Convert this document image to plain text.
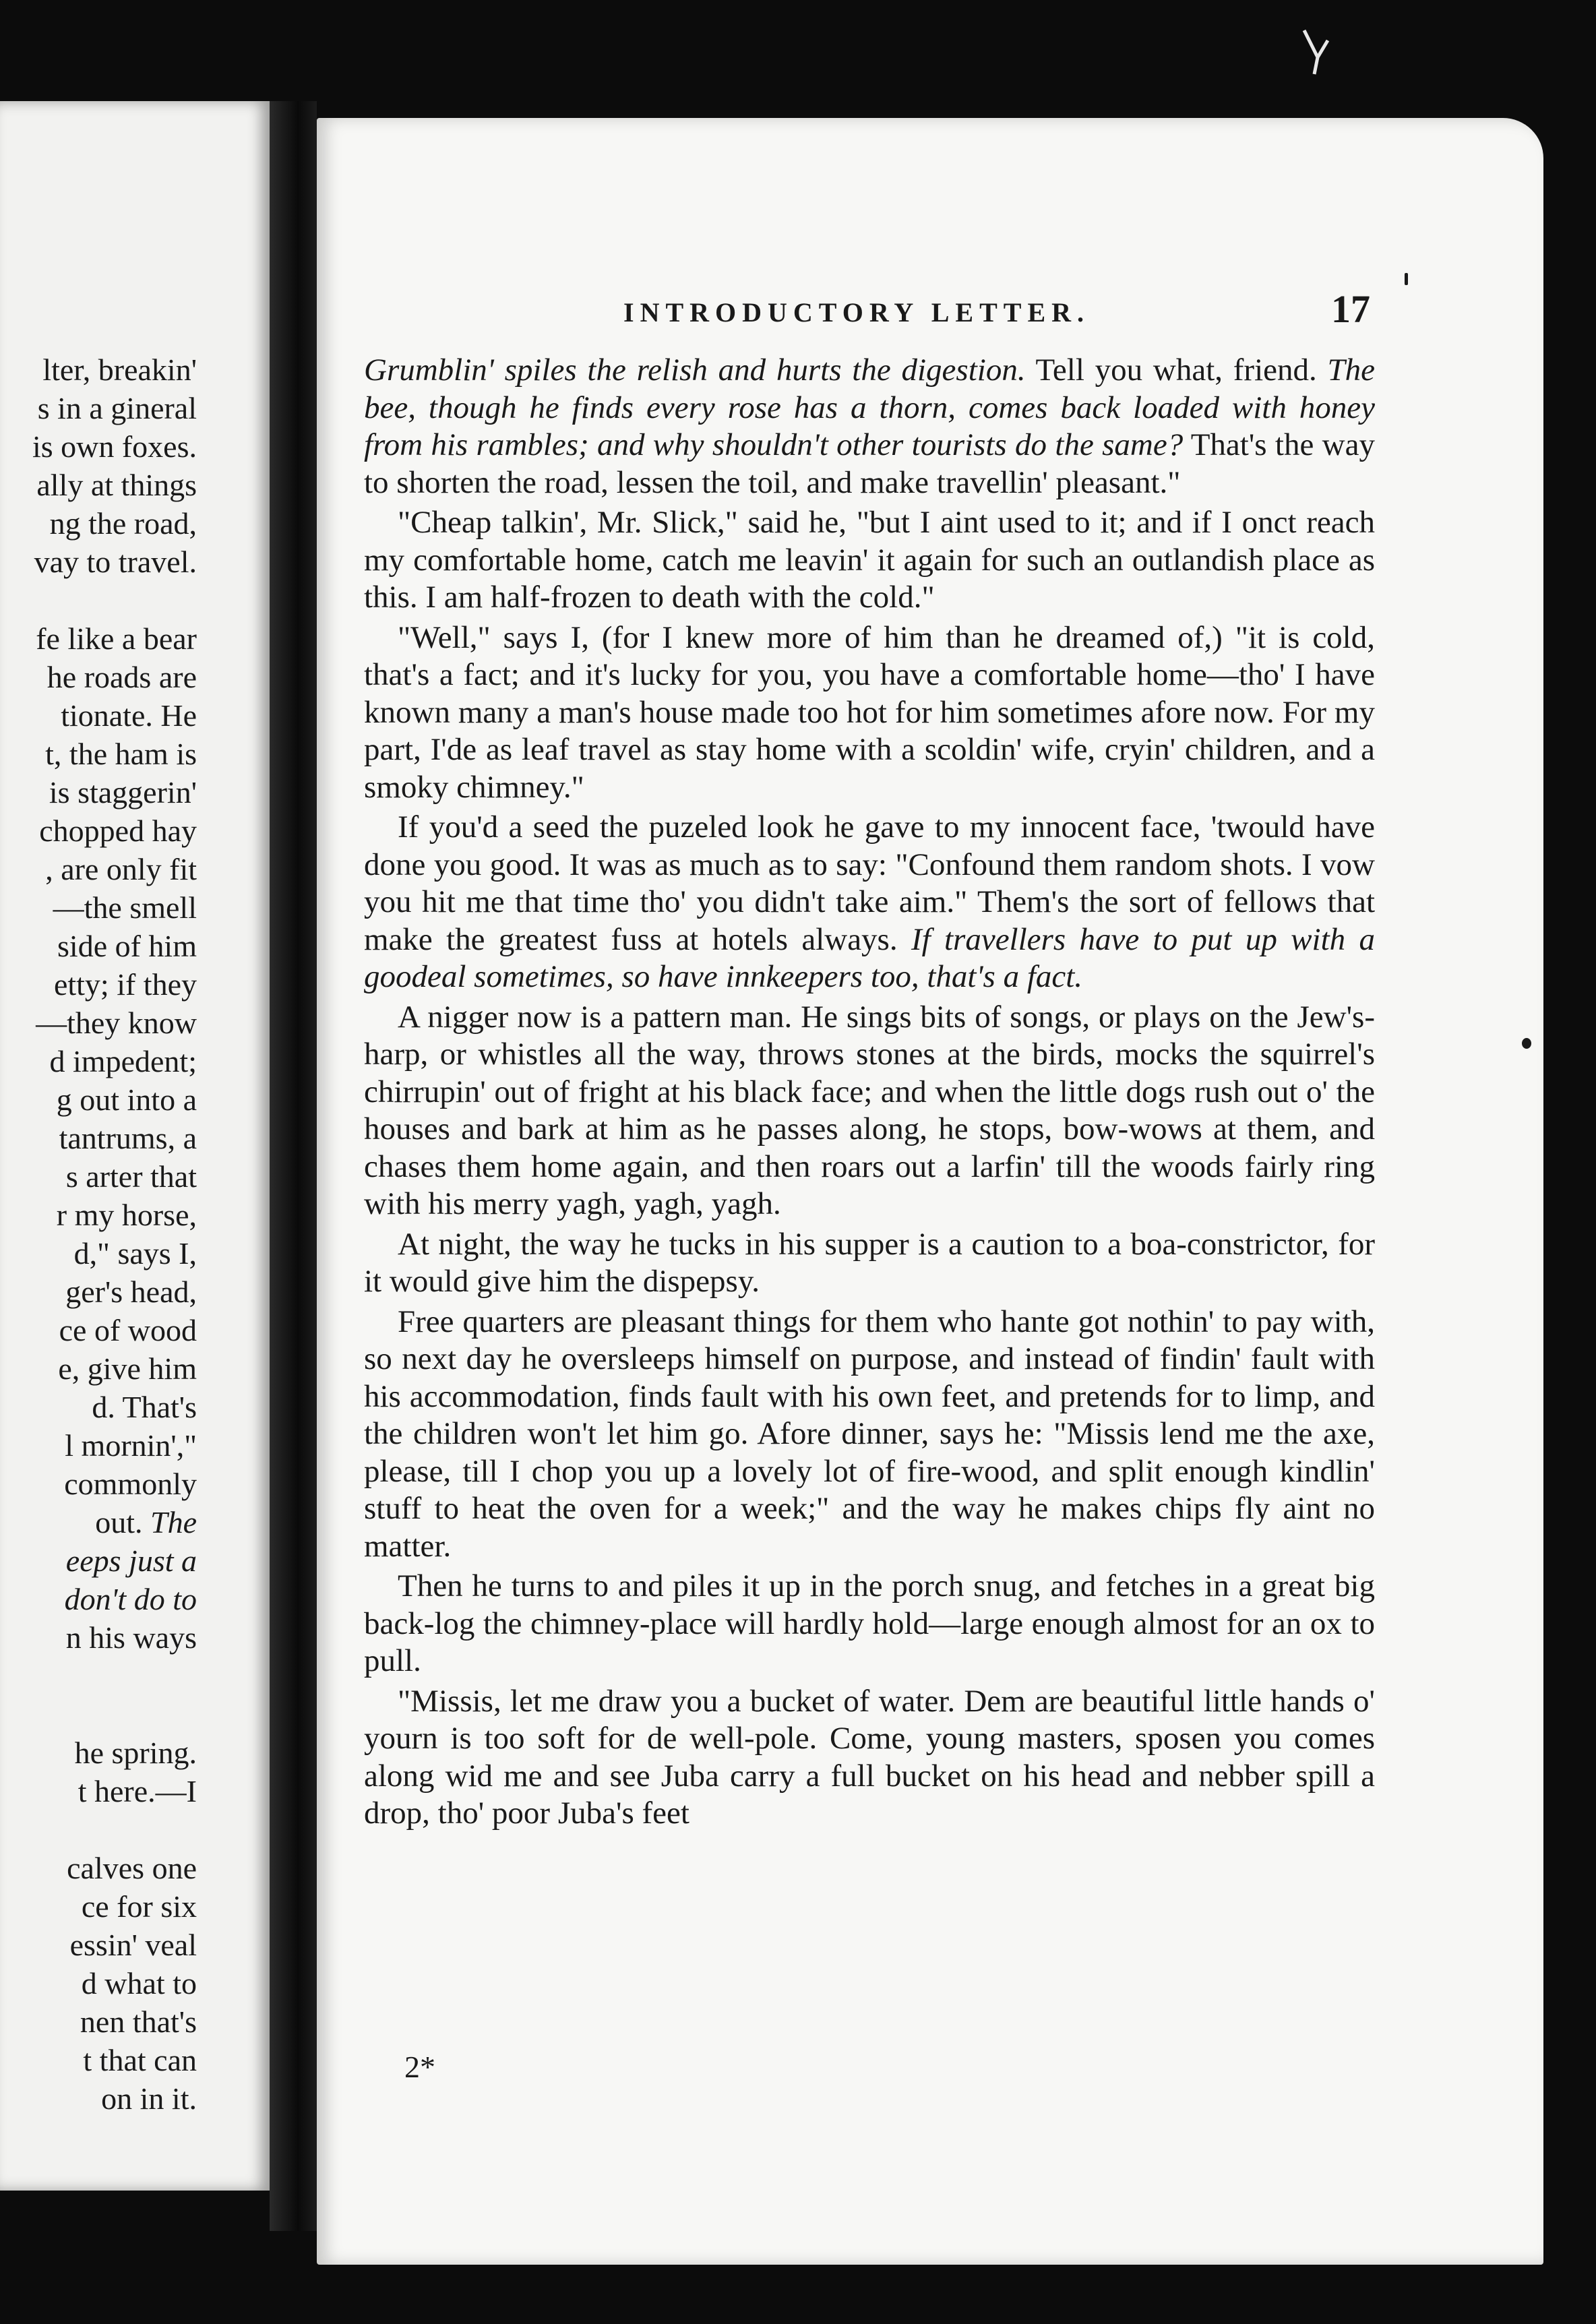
lter, breakin'
s in a gineral
is own foxes.
ally at things
ng the road,
vay to travel.
fe like a bear
he roads are
tionate. He
t, the ham is
is staggerin'
chopped hay
, are only fit
—the smell
side of him
etty; if they
—they know
d impedent;
g out into a
tantrums, a
s arter that
r my horse,
d," says I,
ger's head,
ce of wood
e, give him
d. That's
l mornin',"
commonly
out. The
eeps just a
don't do to
n his ways
he spring.
t here.—I
calves one
ce for six
essin' veal
d what to
nen that's
t that can
on in it.
INTRODUCTORY LETTER.	17

Grumblin' spiles the relish and hurts the digestion. Tell you what, friend. The bee, though he finds every rose has a thorn, comes back loaded with honey from his rambles; and why shouldn't other tourists do the same? That's the way to shorten the road, lessen the toil, and make travellin' pleasant."

"Cheap talkin', Mr. Slick," said he, "but I aint used to it; and if I onct reach my comfortable home, catch me leavin' it again for such an outlandish place as this. I am half-frozen to death with the cold."

"Well," says I, (for I knew more of him than he dreamed of,) "it is cold, that's a fact; and it's lucky for you, you have a comfortable home—tho' I have known many a man's house made too hot for him sometimes afore now. For my part, I'de as leaf travel as stay home with a scoldin' wife, cryin' children, and a smoky chimney."

If you'd a seed the puzeled look he gave to my innocent face, 'twould have done you good. It was as much as to say: "Confound them random shots. I vow you hit me that time tho' you didn't take aim." Them's the sort of fellows that make the greatest fuss at hotels always. If travellers have to put up with a goodeal sometimes, so have innkeepers too, that's a fact.

A nigger now is a pattern man. He sings bits of songs, or plays on the Jew's-harp, or whistles all the way, throws stones at the birds, mocks the squirrel's chirrupin' out of fright at his black face; and when the little dogs rush out o' the houses and bark at him as he passes along, he stops, bow-wows at them, and chases them home again, and then roars out a larfin' till the woods fairly ring with his merry yagh, yagh, yagh.

At night, the way he tucks in his supper is a caution to a boa-constrictor, for it would give him the dispepsy.

Free quarters are pleasant things for them who hante got nothin' to pay with, so next day he oversleeps himself on purpose, and instead of findin' fault with his accommodation, finds fault with his own feet, and pretends for to limp, and the children won't let him go. Afore dinner, says he: "Missis lend me the axe, please, till I chop you up a lovely lot of fire-wood, and split enough kindlin' stuff to heat the oven for a week;" and the way he makes chips fly aint no matter.

Then he turns to and piles it up in the porch snug, and fetches in a great big back-log the chimney-place will hardly hold—large enough almost for an ox to pull.

"Missis, let me draw you a bucket of water. Dem are beautiful little hands o' yourn is too soft for de well-pole. Come, young masters, sposen you comes along wid me and see Juba carry a full bucket on his head and nebber spill a drop, tho' poor Juba's feet

2*
